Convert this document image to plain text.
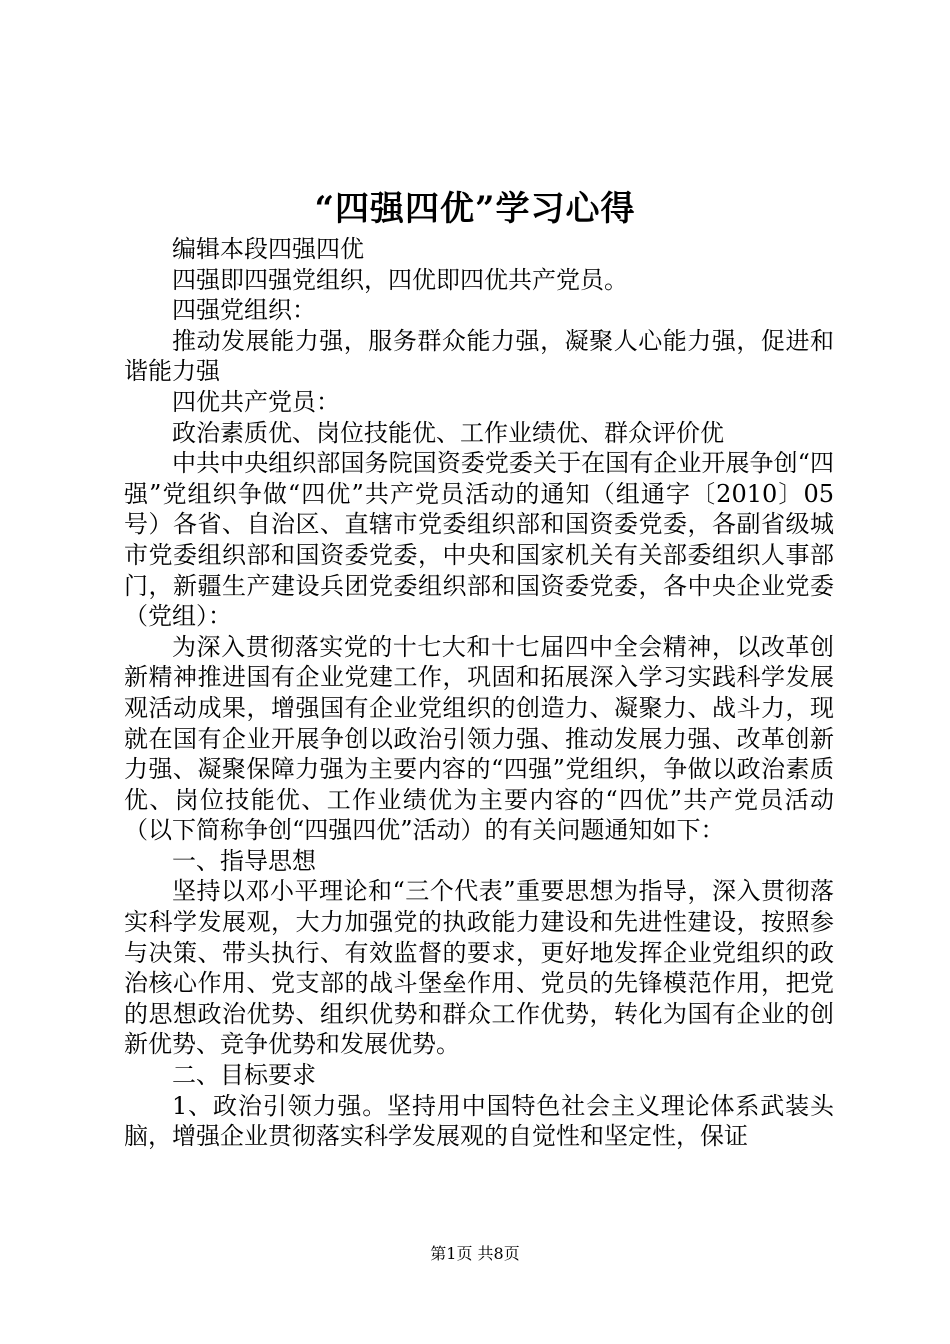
“四强四优”学习心得

编辑本段四强四优

四强即四强党组织，四优即四优共产党员。

四强党组织：

推动发展能力强，服务群众能力强，凝聚人心能力强，促进和谐能力强

四优共产党员：

政治素质优、岗位技能优、工作业绩优、群众评价优

中共中央组织部国务院国资委党委关于在国有企业开展争创“四强”党组织争做“四优”共产党员活动的通知（组通字〔2010〕05号）各省、自治区、直辖市党委组织部和国资委党委，各副省级城市党委组织部和国资委党委，中央和国家机关有关部委组织人事部门，新疆生产建设兵团党委组织部和国资委党委，各中央企业党委（党组）：

为深入贯彻落实党的十七大和十七届四中全会精神，以改革创新精神推进国有企业党建工作，巩固和拓展深入学习实践科学发展观活动成果，增强国有企业党组织的创造力、凝聚力、战斗力，现就在国有企业开展争创以政治引领力强、推动发展力强、改革创新力强、凝聚保障力强为主要内容的“四强”党组织，争做以政治素质优、岗位技能优、工作业绩优为主要内容的“四优”共产党员活动（以下简称争创“四强四优”活动）的有关问题通知如下：

一、指导思想

坚持以邓小平理论和“三个代表”重要思想为指导，深入贯彻落实科学发展观，大力加强党的执政能力建设和先进性建设，按照参与决策、带头执行、有效监督的要求，更好地发挥企业党组织的政治核心作用、党支部的战斗堡垒作用、党员的先锋模范作用，把党的思想政治优势、组织优势和群众工作优势，转化为国有企业的创新优势、竞争优势和发展优势。

二、目标要求

1、政治引领力强。坚持用中国特色社会主义理论体系武装头脑，增强企业贯彻落实科学发展观的自觉性和坚定性，保证

第1页 共8页
